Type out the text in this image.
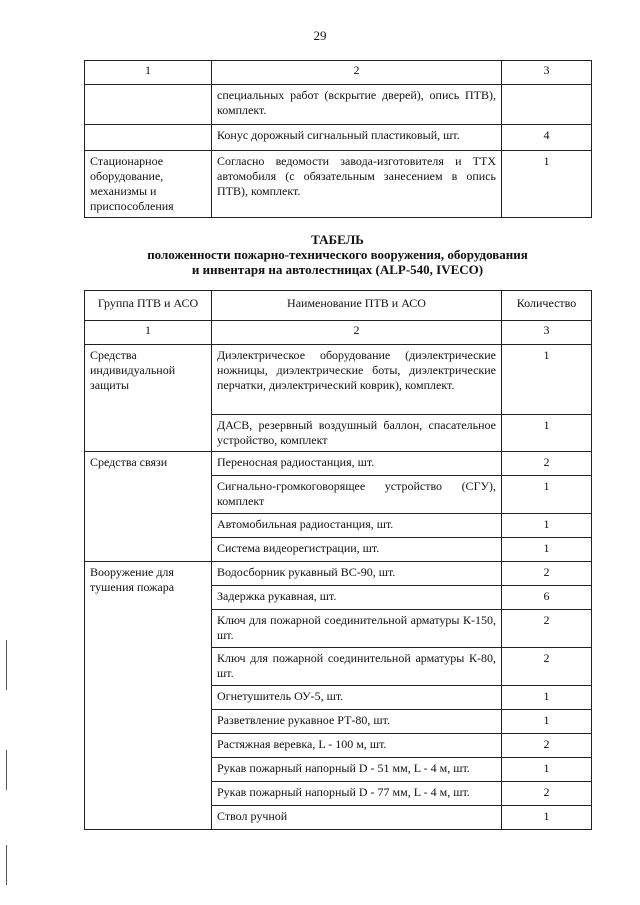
29
1	2	3
	специальных работ (вскрытие дверей), опись ПТВ), комплект.	
	Конус дорожный сигнальный пластиковый, шт.	4
Стационарное оборудование, механизмы и приспособления	Согласно ведомости завода-изготовителя и ТТХ автомобиля (с обязательным занесением в опись ПТВ), комплект.	1
ТАБЕЛЬ
положенности пожарно-технического вооружения, оборудования
и инвентаря на автолестницах (ALP-540, IVECO)
Группа ПТВ и АСО	Наименование ПТВ и АСО	Количество
1	2	3
Средства индивидуальной защиты	Диэлектрическое оборудование (диэлектрические ножницы, диэлектрические боты, диэлектрические перчатки, диэлектрический коврик), комплект.	1
	ДАСВ, резервный воздушный баллон, спасательное устройство, комплект	1
Средства связи	Переносная радиостанция, шт.	2
	Сигнально-громкоговорящее устройство (СГУ), комплект	1
	Автомобильная радиостанция, шт.	1
	Система видеорегистрации, шт.	1
Вооружение для тушения пожара	Водосборник рукавный ВС-90, шт.	2
	Задержка рукавная, шт.	6
	Ключ для пожарной соединительной арматуры К-150, шт.	2
	Ключ для пожарной соединительной арматуры К-80, шт.	2
	Огнетушитель ОУ-5, шт.	1
	Разветвление рукавное РТ-80, шт.	1
	Растяжная веревка, L - 100 м, шт.	2
	Рукав пожарный напорный D - 51 мм, L - 4 м, шт.	1
	Рукав пожарный напорный D - 77 мм, L - 4 м, шт.	2
	Ствол ручной	1
